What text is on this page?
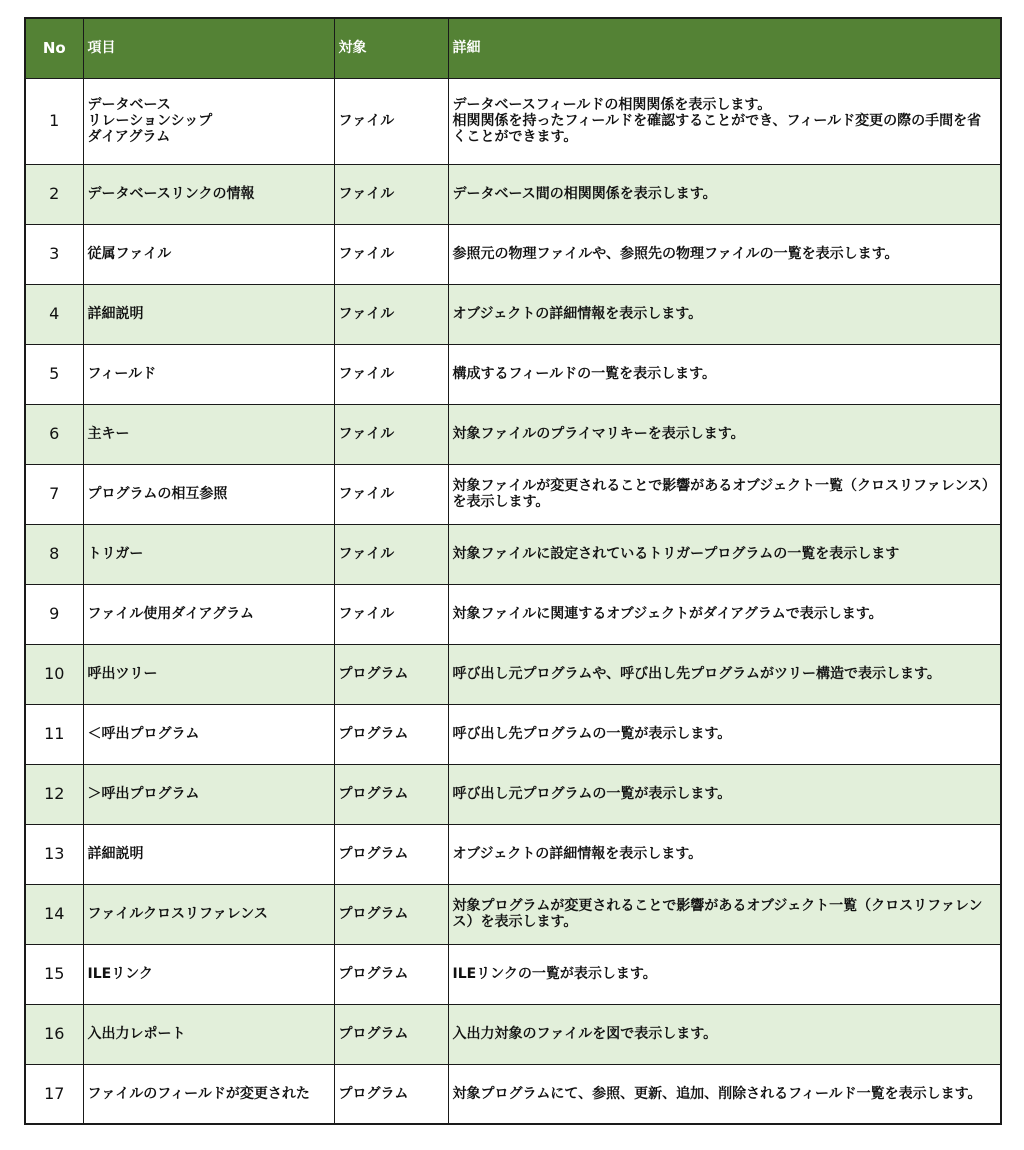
No	項目	対象	詳細
1	データベース
リレーションシップ
ダイアグラム	ファイル	データベースフィールドの相関関係を表示します。
相関関係を持ったフィールドを確認することができ、フィールド変更の際の手間を省
くことができます。

2	データベースリンクの情報	ファイル	データベース間の相関関係を表示します。

3	従属ファイル	ファイル	参照元の物理ファイルや、参照先の物理ファイルの一覧を表示します。

4	詳細説明	ファイル	オブジェクトの詳細情報を表示します。

5	フィールド	ファイル	構成するフィールドの一覧を表示します。

6	主キー	ファイル	対象ファイルのプライマリキーを表示します。

7	プログラムの相互参照	ファイル	対象ファイルが変更されることで影響があるオブジェクト一覧（クロスリファレンス）
を表示します。

8	トリガー	ファイル	対象ファイルに設定されているトリガープログラムの一覧を表示します

9	ファイル使用ダイアグラム	ファイル	対象ファイルに関連するオブジェクトがダイアグラムで表示します。

10	呼出ツリー	プログラム	呼び出し元プログラムや、呼び出し先プログラムがツリー構造で表示します。

11	＜呼出プログラム	プログラム	呼び出し先プログラムの一覧が表示します。

12	＞呼出プログラム	プログラム	呼び出し元プログラムの一覧が表示します。

13	詳細説明	プログラム	オブジェクトの詳細情報を表示します。

14	ファイルクロスリファレンス	プログラム	対象プログラムが変更されることで影響があるオブジェクト一覧（クロスリファレン
ス）を表示します。

15	ILEリンク	プログラム	ILEリンクの一覧が表示します。

16	入出力レポート	プログラム	入出力対象のファイルを図で表示します。

17	ファイルのフィールドが変更された	プログラム	対象プログラムにて、参照、更新、追加、削除されるフィールド一覧を表示します。
